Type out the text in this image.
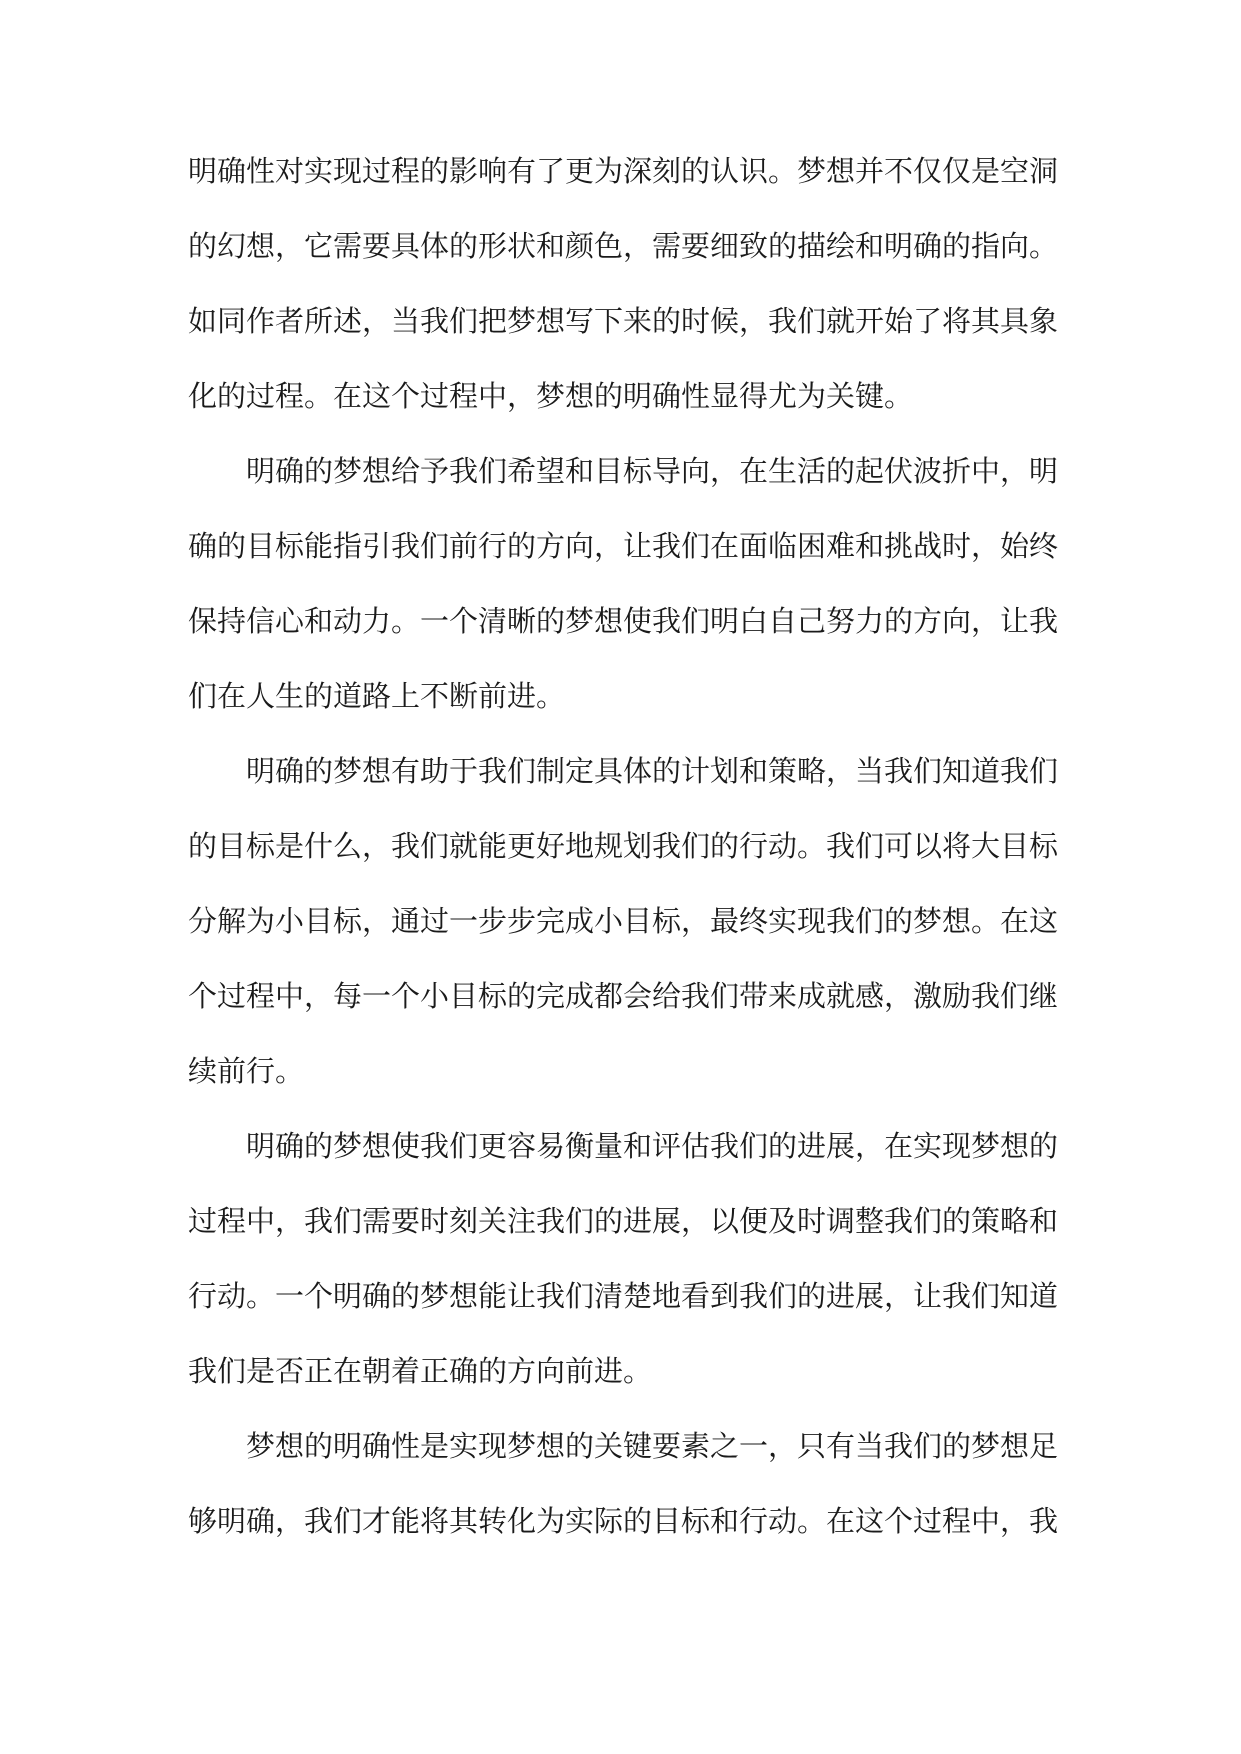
明确性对实现过程的影响有了更为深刻的认识。梦想并不仅仅是空洞
的幻想，它需要具体的形状和颜色，需要细致的描绘和明确的指向。
如同作者所述，当我们把梦想写下来的时候，我们就开始了将其具象
化的过程。在这个过程中，梦想的明确性显得尤为关键。
　　明确的梦想给予我们希望和目标导向，在生活的起伏波折中，明
确的目标能指引我们前行的方向，让我们在面临困难和挑战时，始终
保持信心和动力。一个清晰的梦想使我们明白自己努力的方向，让我
们在人生的道路上不断前进。
　　明确的梦想有助于我们制定具体的计划和策略，当我们知道我们
的目标是什么，我们就能更好地规划我们的行动。我们可以将大目标
分解为小目标，通过一步步完成小目标，最终实现我们的梦想。在这
个过程中，每一个小目标的完成都会给我们带来成就感，激励我们继
续前行。
　　明确的梦想使我们更容易衡量和评估我们的进展，在实现梦想的
过程中，我们需要时刻关注我们的进展，以便及时调整我们的策略和
行动。一个明确的梦想能让我们清楚地看到我们的进展，让我们知道
我们是否正在朝着正确的方向前进。
　　梦想的明确性是实现梦想的关键要素之一，只有当我们的梦想足
够明确，我们才能将其转化为实际的目标和行动。在这个过程中，我
